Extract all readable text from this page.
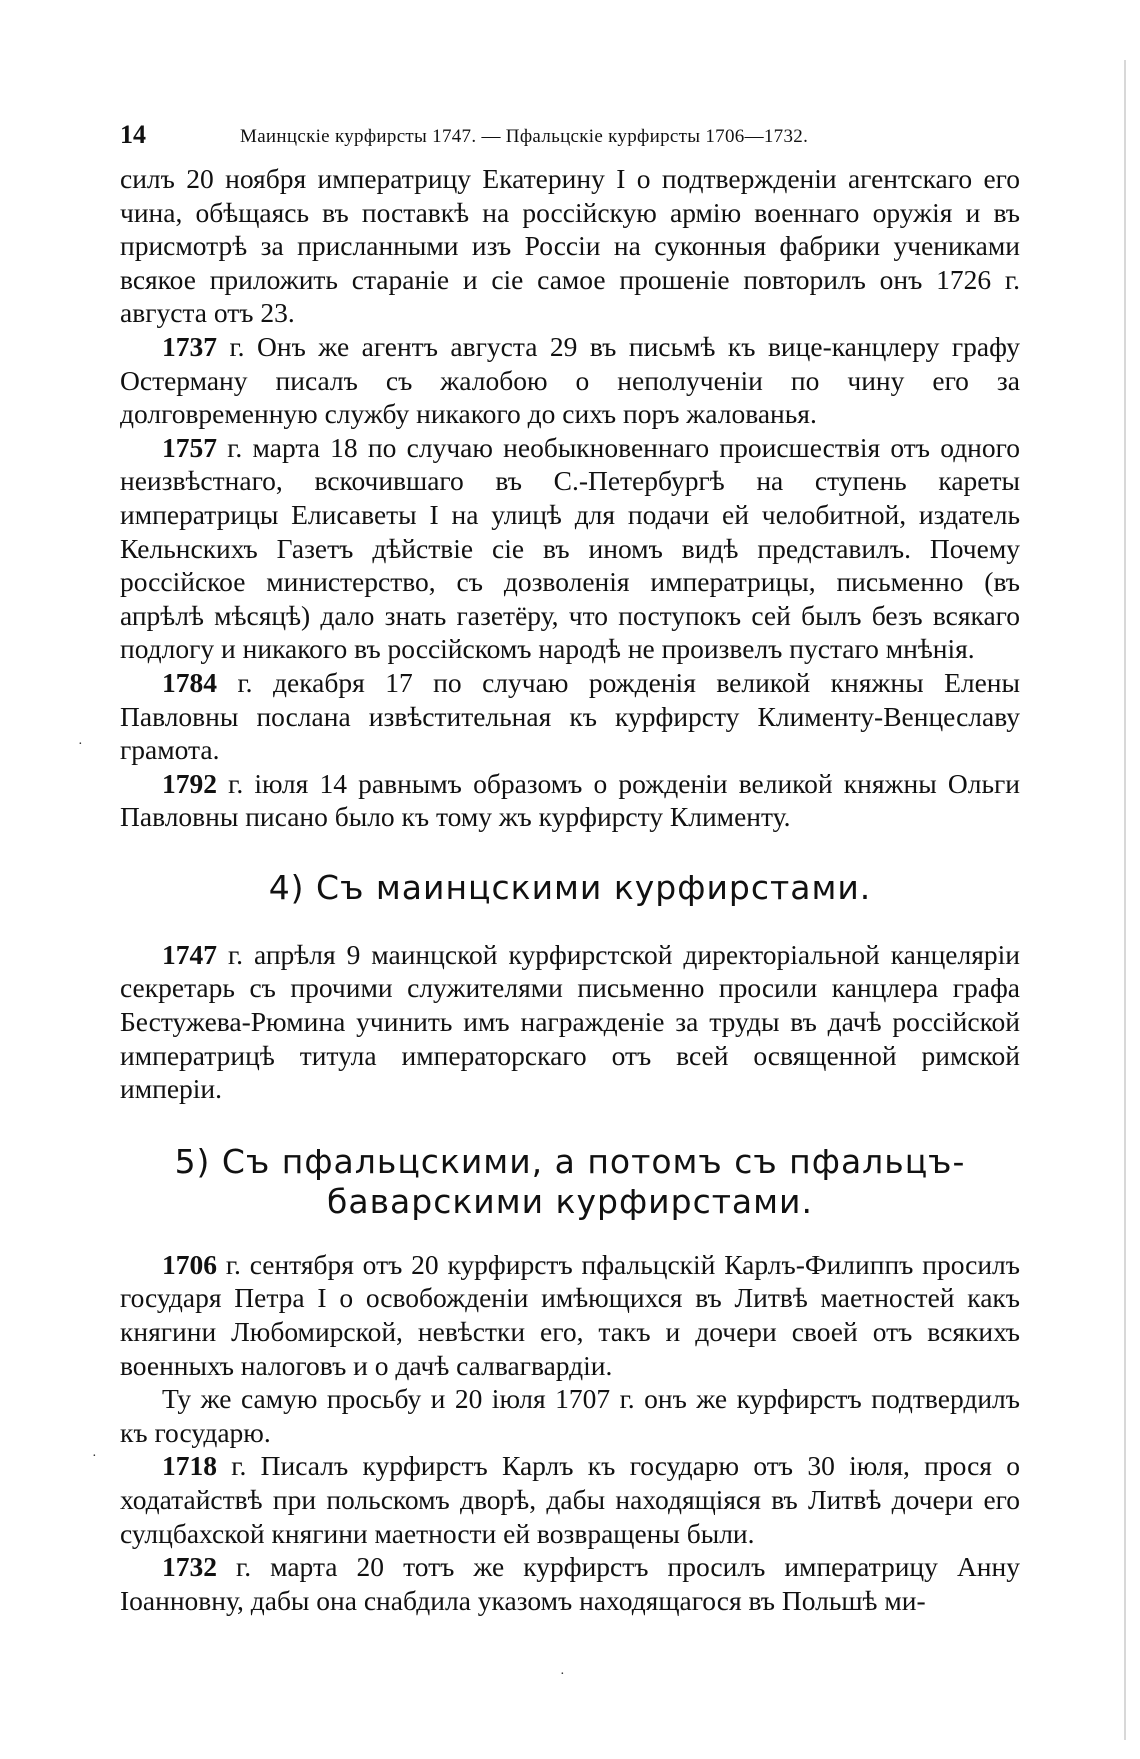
14	Маинцскіе курфирсты 1747. — Пфальцскіе курфирсты 1706—1732.

силъ 20 ноября императрицу Екатерину I о подтвержденіи агентскаго его чина, обѣщаясь въ поставкѣ на россійскую армію военнаго оружія и въ присмотрѣ за присланными изъ Россіи на суконныя фабрики учениками всякое приложить стараніе и сіе самое прошеніе повторилъ онъ 1726 г. августа отъ 23.

1737 г. Онъ же агентъ августа 29 въ письмѣ къ вице-канцлеру графу Остерману писалъ съ жалобою о неполученіи по чину его за долговременную службу никакого до сихъ поръ жалованья.

1757 г. марта 18 по случаю необыкновеннаго происшествія отъ одного неизвѣстнаго, вскочившаго въ С.-Петербургѣ на ступень кареты императрицы Елисаветы I на улицѣ для подачи ей челобитной, издатель Кельнскихъ Газетъ дѣйствіе сіе въ иномъ видѣ представилъ. Почему россійское министерство, съ дозволенія императрицы, письменно (въ апрѣлѣ мѣсяцѣ) дало знать газетёру, что поступокъ сей былъ безъ всякаго подлогу и никакого въ россійскомъ народѣ не произвелъ пустаго мнѣнія.

1784 г. декабря 17 по случаю рожденія великой княжны Елены Павловны послана извѣстительная къ курфирсту Клименту-Венцеславу грамота.

1792 г. іюля 14 равнымъ образомъ о рожденіи великой княжны Ольги Павловны писано было къ тому жъ курфирсту Клименту.

4) Съ маинцскими курфирстами.

1747 г. апрѣля 9 маинцской курфирстской директоріальной канцеляріи секретарь съ прочими служителями письменно просили канцлера графа Бестужева-Рюмина учинить имъ награжденіе за труды въ дачѣ россійской императрицѣ титула императорскаго отъ всей освященной римской имперіи.

5) Съ пфальцскими, а потомъ съ пфальцъ-баварскими курфирстами.

1706 г. сентября отъ 20 курфирстъ пфальцскій Карлъ-Филиппъ просилъ государя Петра I о освобожденіи имѣющихся въ Литвѣ маетностей какъ княгини Любомирской, невѣстки его, такъ и дочери своей отъ всякихъ военныхъ налоговъ и о дачѣ салвагвардіи.

Ту же самую просьбу и 20 іюля 1707 г. онъ же курфирстъ подтвердилъ къ государю.

1718 г. Писалъ курфирстъ Карлъ къ государю отъ 30 іюля, прося о ходатайствѣ при польскомъ дворѣ, дабы находящіяся въ Литвѣ дочери его сулцбахской княгини маетности ей возвращены были.

1732 г. марта 20 тотъ же курфирстъ просилъ императрицу Анну Іоанновну, дабы она снабдила указомъ находящагося въ Польшѣ ми-

·
·
·
